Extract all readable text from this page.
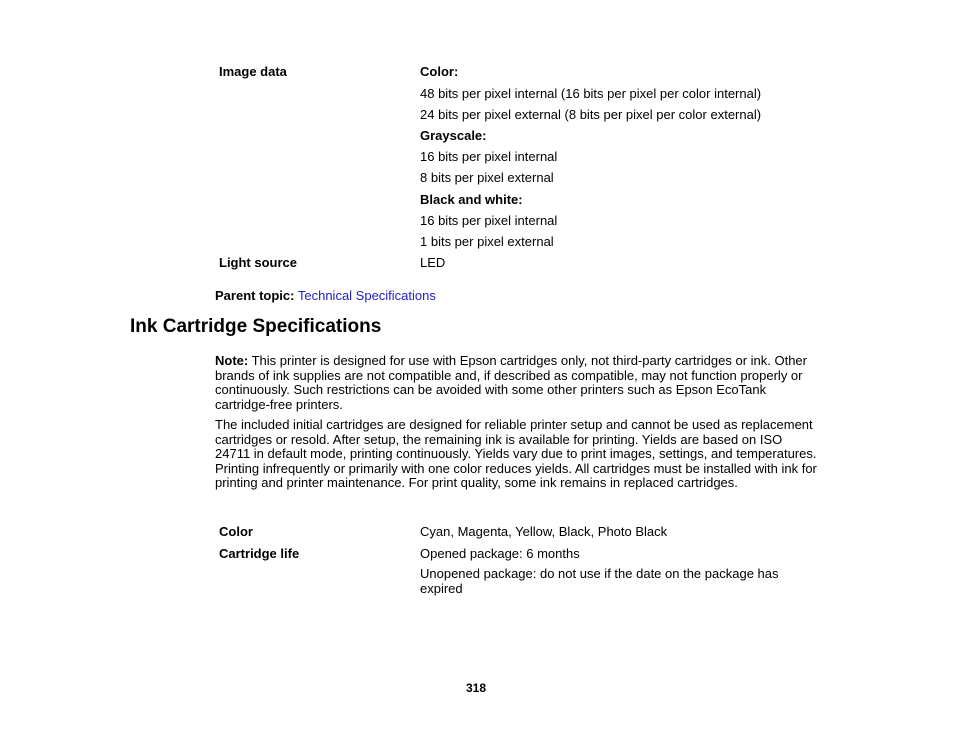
Image data	Color:
48 bits per pixel internal (16 bits per pixel per color internal)
24 bits per pixel external (8 bits per pixel per color external)
Grayscale:
16 bits per pixel internal
8 bits per pixel external
Black and white:
16 bits per pixel internal
1 bits per pixel external
Light source	LED
Parent topic: Technical Specifications
Ink Cartridge Specifications
Note: This printer is designed for use with Epson cartridges only, not third-party cartridges or ink. Other brands of ink supplies are not compatible and, if described as compatible, may not function properly or continuously. Such restrictions can be avoided with some other printers such as Epson EcoTank cartridge-free printers.
The included initial cartridges are designed for reliable printer setup and cannot be used as replacement cartridges or resold. After setup, the remaining ink is available for printing. Yields are based on ISO 24711 in default mode, printing continuously. Yields vary due to print images, settings, and temperatures. Printing infrequently or primarily with one color reduces yields. All cartridges must be installed with ink for printing and printer maintenance. For print quality, some ink remains in replaced cartridges.
Color	Cyan, Magenta, Yellow, Black, Photo Black
Cartridge life	Opened package: 6 months
Unopened package: do not use if the date on the package has expired
318
